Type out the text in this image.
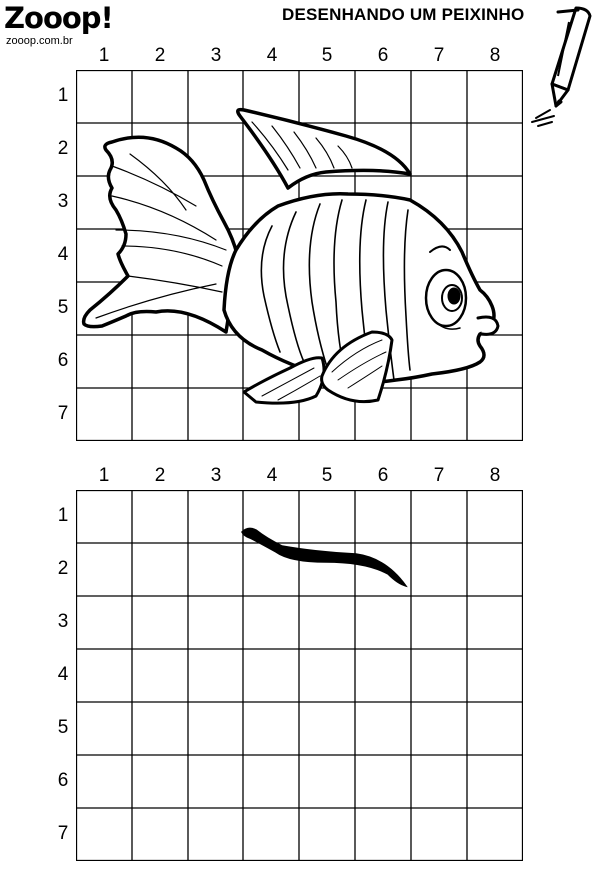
Zooop!
zooop.com.br
DESENHANDO UM PEIXINHO
1	2	3	4	5	6	7	8
1
2
3
4
5
6
7
1	2	3	4	5	6	7	8
1
2
3
4
5
6
7
